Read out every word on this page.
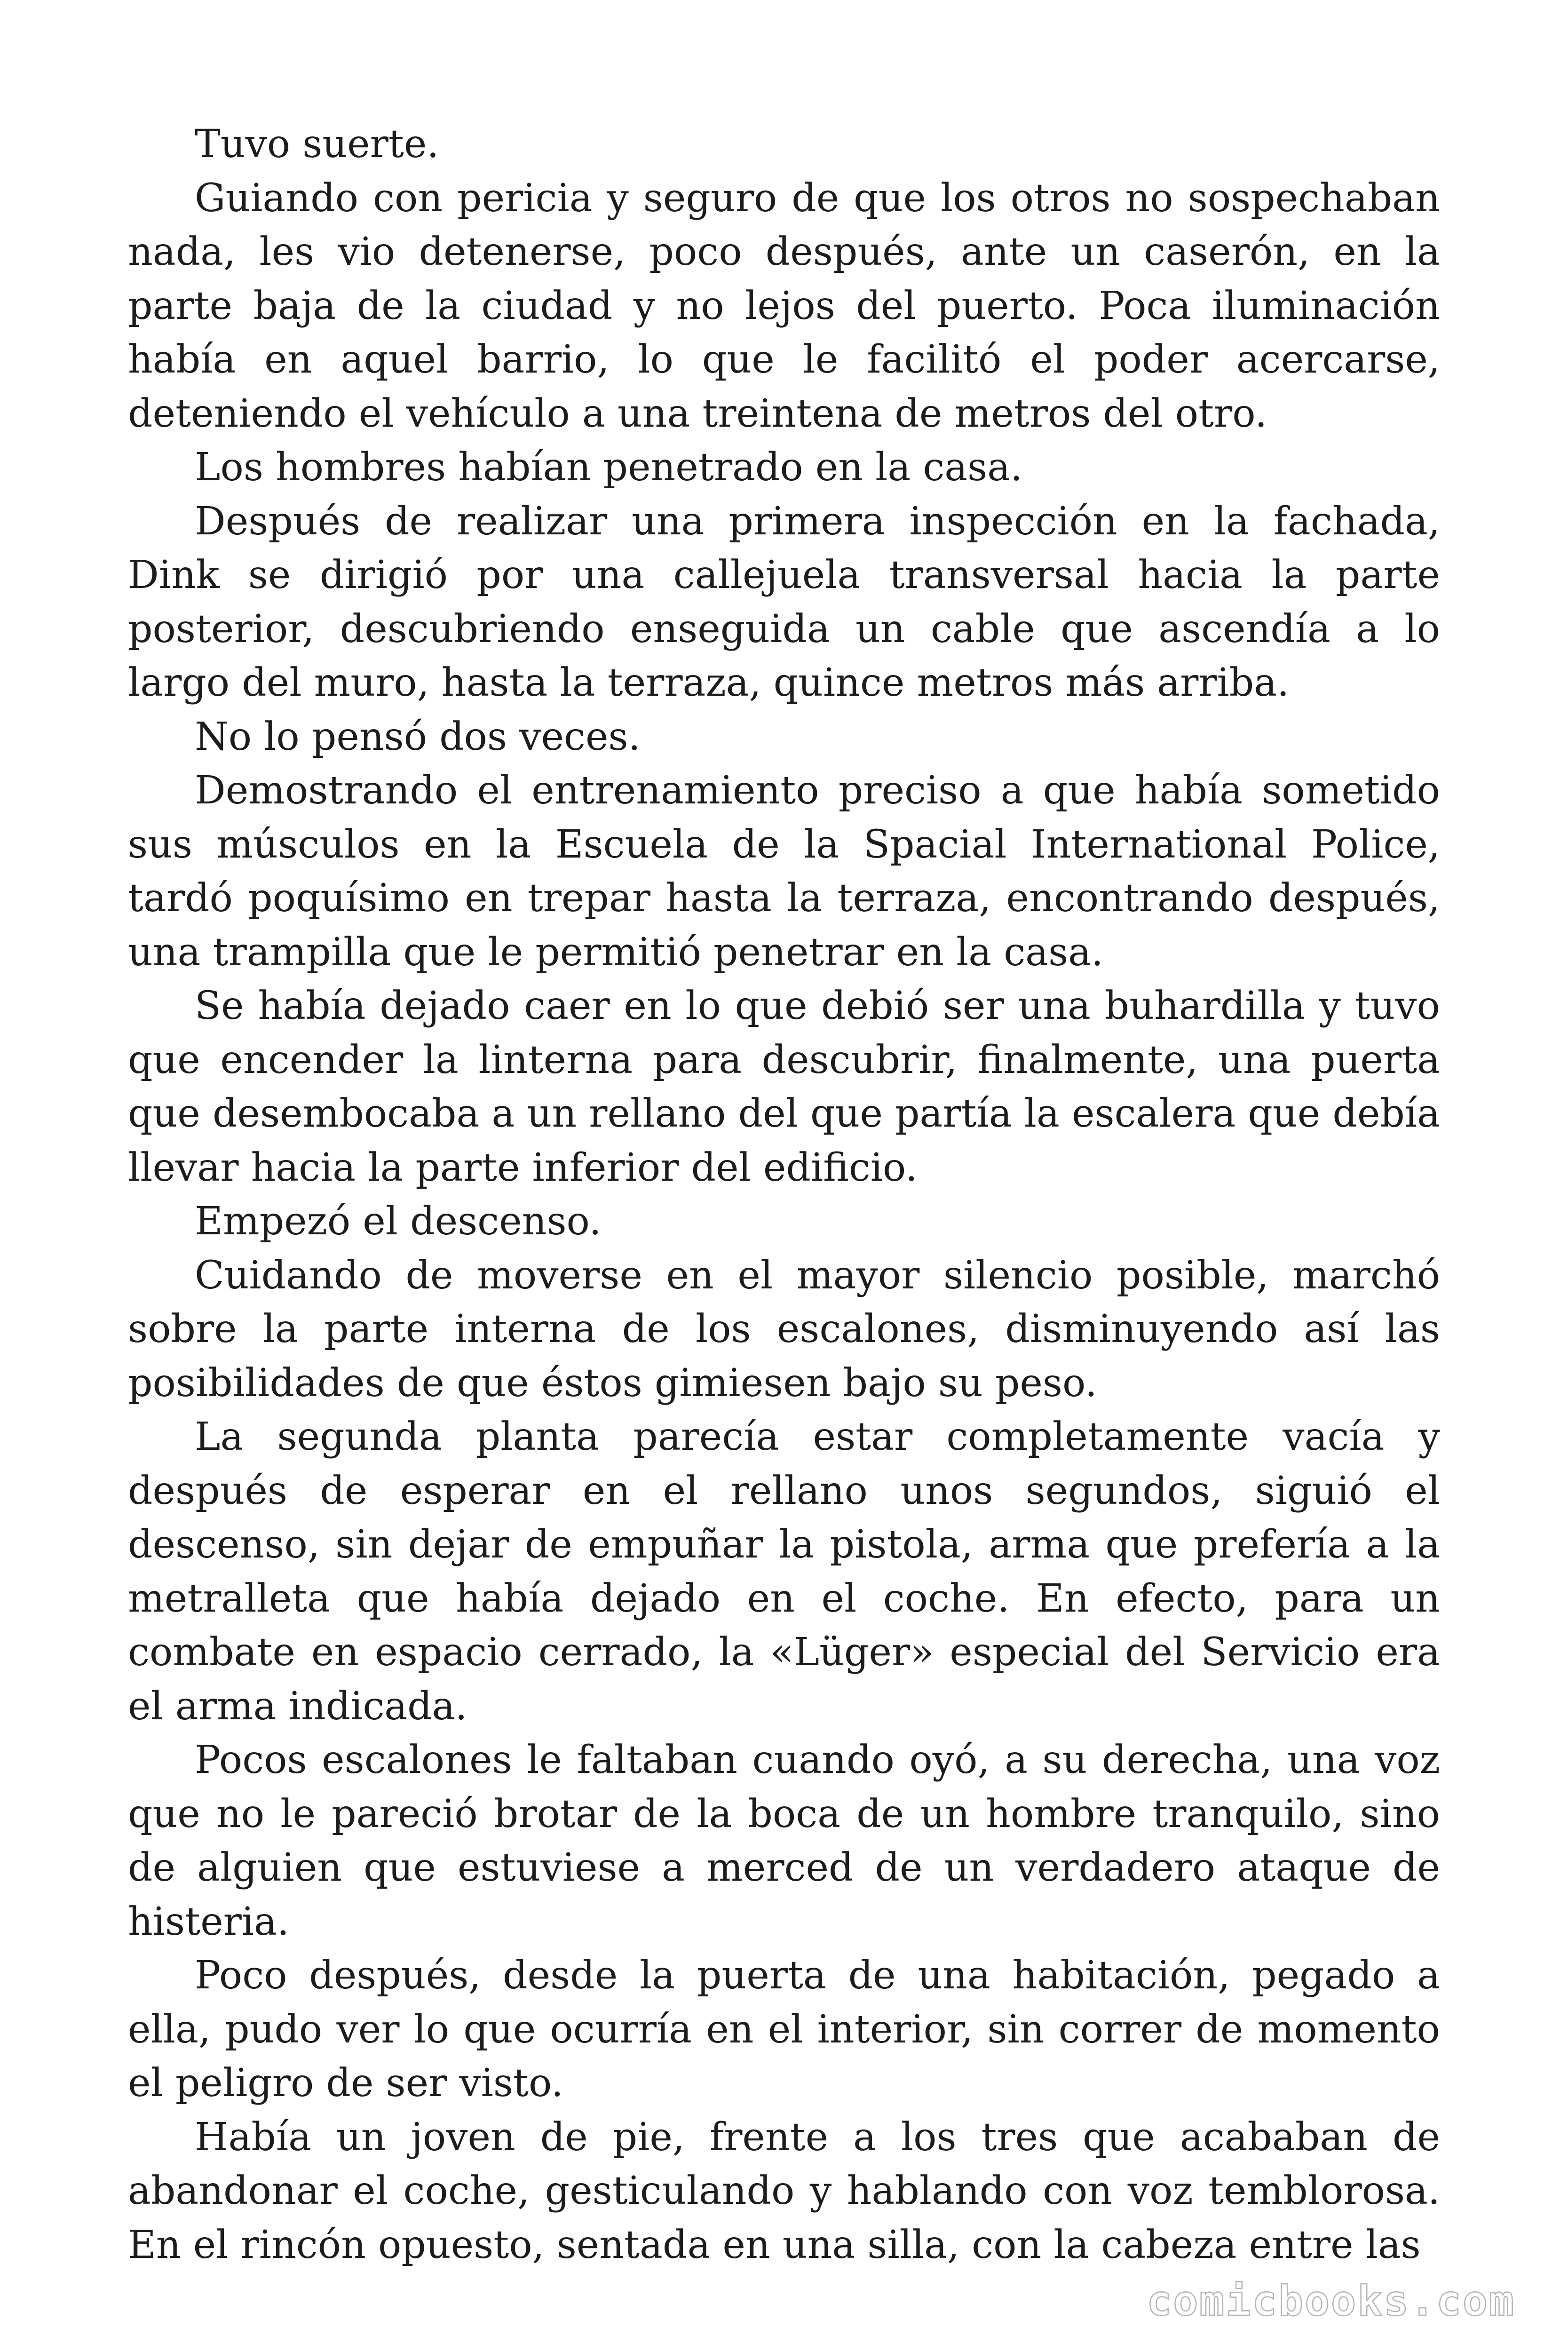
Tuvo suerte.

Guiando con pericia y seguro de que los otros no sospechaban nada, les vio detenerse, poco después, ante un caserón, en la parte baja de la ciudad y no lejos del puerto. Poca iluminación había en aquel barrio, lo que le facilitó el poder acercarse, deteniendo el vehículo a una treintena de metros del otro.

Los hombres habían penetrado en la casa.

Después de realizar una primera inspección en la fachada, Dink se dirigió por una callejuela transversal hacia la parte posterior, descubriendo enseguida un cable que ascendía a lo largo del muro, hasta la terraza, quince metros más arriba.

No lo pensó dos veces.

Demostrando el entrenamiento preciso a que había sometido sus músculos en la Escuela de la Spacial International Police, tardó poquísimo en trepar hasta la terraza, encontrando después, una trampilla que le permitió penetrar en la casa.

Se había dejado caer en lo que debió ser una buhardilla y tuvo que encender la linterna para descubrir, finalmente, una puerta que desembocaba a un rellano del que partía la escalera que debía llevar hacia la parte inferior del edificio.

Empezó el descenso.

Cuidando de moverse en el mayor silencio posible, marchó sobre la parte interna de los escalones, disminuyendo así las posibilidades de que éstos gimiesen bajo su peso.

La segunda planta parecía estar completamente vacía y después de esperar en el rellano unos segundos, siguió el descenso, sin dejar de empuñar la pistola, arma que prefería a la metralleta que había dejado en el coche. En efecto, para un combate en espacio cerrado, la «Lüger» especial del Servicio era el arma indicada.

Pocos escalones le faltaban cuando oyó, a su derecha, una voz que no le pareció brotar de la boca de un hombre tranquilo, sino de alguien que estuviese a merced de un verdadero ataque de histeria.

Poco después, desde la puerta de una habitación, pegado a ella, pudo ver lo que ocurría en el interior, sin correr de momento el peligro de ser visto.

Había un joven de pie, frente a los tres que acababan de abandonar el coche, gesticulando y hablando con voz temblorosa. En el rincón opuesto, sentada en una silla, con la cabeza entre las

comicbooks.com
